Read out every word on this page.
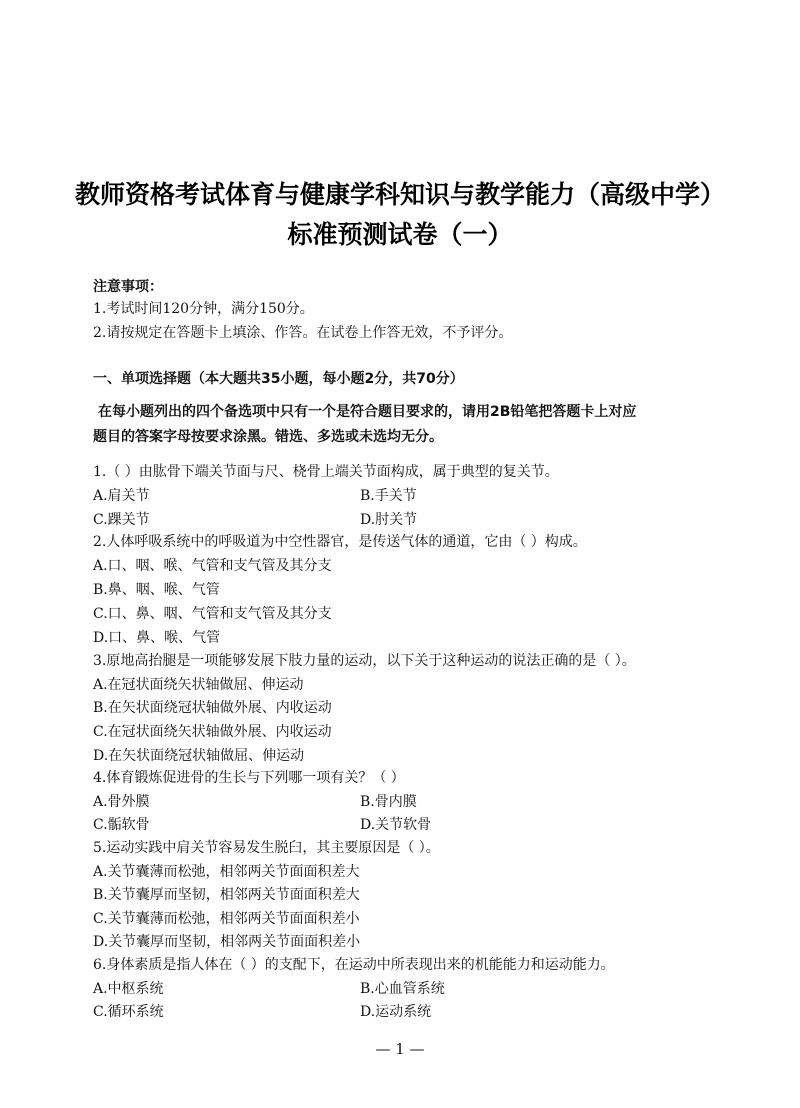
教师资格考试体育与健康学科知识与教学能力（高级中学）
标准预测试卷（一）
注意事项：
1.考试时间120分钟，满分150分。
2.请按规定在答题卡上填涂、作答。在试卷上作答无效，不予评分。
一、单项选择题（本大题共35小题，每小题2分，共70分）
在每小题列出的四个备选项中只有一个是符合题目要求的，请用2B铅笔把答题卡上对应
题目的答案字母按要求涂黑。错选、多选或未选均无分。
1.（ ）由肱骨下端关节面与尺、桡骨上端关节面构成，属于典型的复关节。
A.肩关节	B.手关节
C.踝关节	D.肘关节
2.人体呼吸系统中的呼吸道为中空性器官，是传送气体的通道，它由（ ）构成。
A.口、咽、喉、气管和支气管及其分支
B.鼻、咽、喉、气管
C.口、鼻、咽、气管和支气管及其分支
D.口、鼻、喉、气管
3.原地高抬腿是一项能够发展下肢力量的运动，以下关于这种运动的说法正确的是（ ）。
A.在冠状面绕矢状轴做屈、伸运动
B.在矢状面绕冠状轴做外展、内收运动
C.在冠状面绕矢状轴做外展、内收运动
D.在矢状面绕冠状轴做屈、伸运动
4.体育锻炼促进骨的生长与下列哪一项有关？（ ）
A.骨外膜	B.骨内膜
C.骺软骨	D.关节软骨
5.运动实践中肩关节容易发生脱臼，其主要原因是（ ）。
A.关节囊薄而松弛，相邻两关节面面积差大
B.关节囊厚而坚韧，相邻两关节面面积差大
C.关节囊薄而松弛，相邻两关节面面积差小
D.关节囊厚而坚韧，相邻两关节面面积差小
6.身体素质是指人体在（ ）的支配下，在运动中所表现出来的机能能力和运动能力。
A.中枢系统	B.心血管系统
C.循环系统	D.运动系统
— 1 —
